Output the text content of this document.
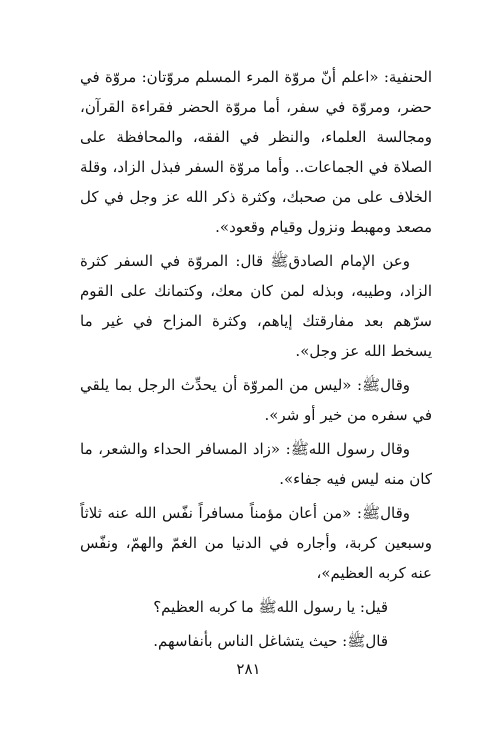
الحنفية: «اعلم أنّ مروّة المرء المسلم مروّتان: مروّة في حضر، ومروّة في سفر، أما مروّة الحضر فقراءة القرآن، ومجالسة العلماء، والنظر في الفقه، والمحافظة على الصلاة في الجماعات.. وأما مروّة السفر فبذل الزاد، وقلة الخلاف على من صحبك، وكثرة ذكر الله عز وجل في كل مصعد ومهبط ونزول وقيام وقعود».

وعن الإمام الصادقﷺ قال: المروّة في السفر كثرة الزاد، وطيبه، وبذله لمن كان معك، وكتمانك على القوم سرّهم بعد مفارقتك إياهم، وكثرة المزاح في غير ما يسخط الله عز وجل».

وقالﷺ: «ليس من المروّة أن يحدِّث الرجل بما يلقي في سفره من خير أو شر».

وقال رسول اللهﷺ: «زاد المسافر الحداء والشعر، ما كان منه ليس فيه جفاء».

وقالﷺ: «من أعان مؤمناً مسافراً نفّس الله عنه ثلاثاً وسبعين كربة، وأجاره في الدنيا من الغمّ والهمّ، ونفّس عنه كربه العظيم»،

قيل: يا رسول اللهﷺ ما كربه العظيم؟

قالﷺ: حيث يتشاغل الناس بأنفاسهم.

٢٨١
